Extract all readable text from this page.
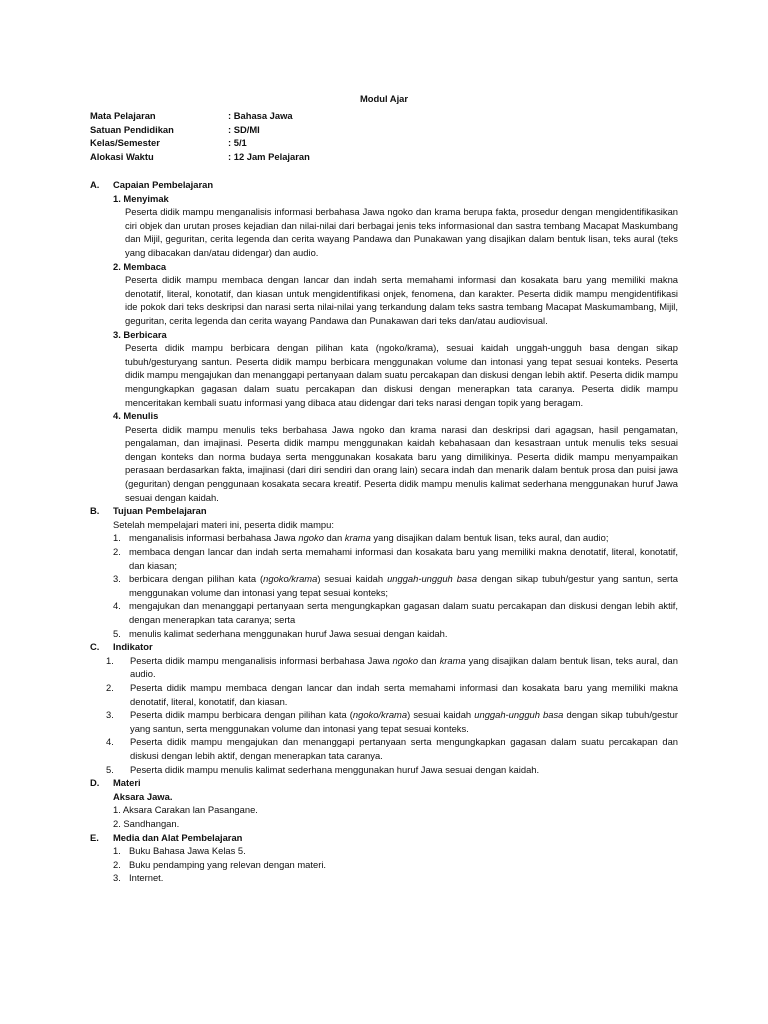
Modul Ajar
Mata Pelajaran	: Bahasa Jawa
Satuan Pendidikan	: SD/MI
Kelas/Semester	: 5/1
Alokasi Waktu	: 12 Jam Pelajaran
A.	Capaian Pembelajaran
1. Menyimak
Peserta didik mampu menganalisis informasi berbahasa Jawa ngoko dan krama berupa fakta, prosedur dengan mengidentifikasikan ciri objek dan urutan proses kejadian dan nilai-nilai dari berbagai jenis teks informasional dan sastra tembang Macapat Maskumbang dan Mijil, geguritan, cerita legenda dan cerita wayang Pandawa dan Punakawan yang disajikan dalam bentuk lisan, teks aural (teks yang dibacakan dan/atau didengar) dan audio.
2. Membaca
Peserta didik mampu membaca dengan lancar dan indah serta memahami informasi dan kosakata baru yang memiliki makna denotatif, literal, konotatif, dan kiasan untuk mengidentifikasi onjek, fenomena, dan karakter. Peserta didik mampu mengidentifikasi ide pokok dari teks deskripsi dan narasi serta nilai-nilai yang terkandung dalam teks sastra tembang Macapat Maskumambang, Mijil, geguritan, cerita legenda dan cerita wayang Pandawa dan Punakawan dari teks dan/atau audiovisual.
3. Berbicara
Peserta didik mampu berbicara dengan pilihan kata (ngoko/krama), sesuai kaidah unggah-ungguh basa dengan sikap tubuh/gesturyang santun. Peserta didik mampu berbicara menggunakan volume dan intonasi yang tepat sesuai konteks. Peserta didik mampu mengajukan dan menanggapi pertanyaan dalam suatu percakapan dan diskusi dengan lebih aktif. Peserta didik mampu mengungkapkan gagasan dalam suatu percakapan dan diskusi dengan menerapkan tata caranya. Peserta didik mampu menceritakan kembali suatu informasi yang dibaca atau didengar dari teks narasi dengan topik yang beragam.
4. Menulis
Peserta didik mampu menulis teks berbahasa Jawa ngoko dan krama narasi dan deskripsi dari agagsan, hasil pengamatan, pengalaman, dan imajinasi. Peserta didik mampu menggunakan kaidah kebahasaan dan kesastraan untuk menulis teks sesuai dengan konteks dan norma budaya serta menggunakan kosakata baru yang dimilikinya. Peserta didik mampu menyampaikan perasaan berdasarkan fakta, imajinasi (dari diri sendiri dan orang lain) secara indah dan menarik dalam bentuk prosa dan puisi jawa (geguritan) dengan penggunaan kosakata secara kreatif. Peserta didik mampu menulis kalimat sederhana menggunakan huruf Jawa sesuai dengan kaidah.
B.	Tujuan Pembelajaran
Setelah mempelajari materi ini, peserta didik mampu:
1. menganalisis informasi berbahasa Jawa ngoko dan krama yang disajikan dalam bentuk lisan, teks aural, dan audio;
2. membaca dengan lancar dan indah serta memahami informasi dan kosakata baru yang memiliki makna denotatif, literal, konotatif, dan kiasan;
3. berbicara dengan pilihan kata (ngoko/krama) sesuai kaidah unggah-ungguh basa dengan sikap tubuh/gestur yang santun, serta menggunakan volume dan intonasi yang tepat sesuai konteks;
4. mengajukan dan menanggapi pertanyaan serta mengungkapkan gagasan dalam suatu percakapan dan diskusi dengan lebih aktif, dengan menerapkan tata caranya; serta
5. menulis kalimat sederhana menggunakan huruf Jawa sesuai dengan kaidah.
C.	Indikator
1.	Peserta didik mampu menganalisis informasi berbahasa Jawa ngoko dan krama yang disajikan dalam bentuk lisan, teks aural, dan audio.
2.	Peserta didik mampu membaca dengan lancar dan indah serta memahami informasi dan kosakata baru yang memiliki makna denotatif, literal, konotatif, dan kiasan.
3.	Peserta didik mampu berbicara dengan pilihan kata (ngoko/krama) sesuai kaidah unggah-ungguh basa dengan sikap tubuh/gestur yang santun, serta menggunakan volume dan intonasi yang tepat sesuai konteks.
4.	Peserta didik mampu mengajukan dan menanggapi pertanyaan serta mengungkapkan gagasan dalam suatu percakapan dan diskusi dengan lebih aktif, dengan menerapkan tata caranya.
5.	Peserta didik mampu menulis kalimat sederhana menggunakan huruf Jawa sesuai dengan kaidah.
D.	Materi
Aksara Jawa.
1. Aksara Carakan lan Pasangane.
2. Sandhangan.
E.	Media dan Alat Pembelajaran
1. Buku Bahasa Jawa Kelas 5.
2. Buku pendamping yang relevan dengan materi.
3. Internet.
